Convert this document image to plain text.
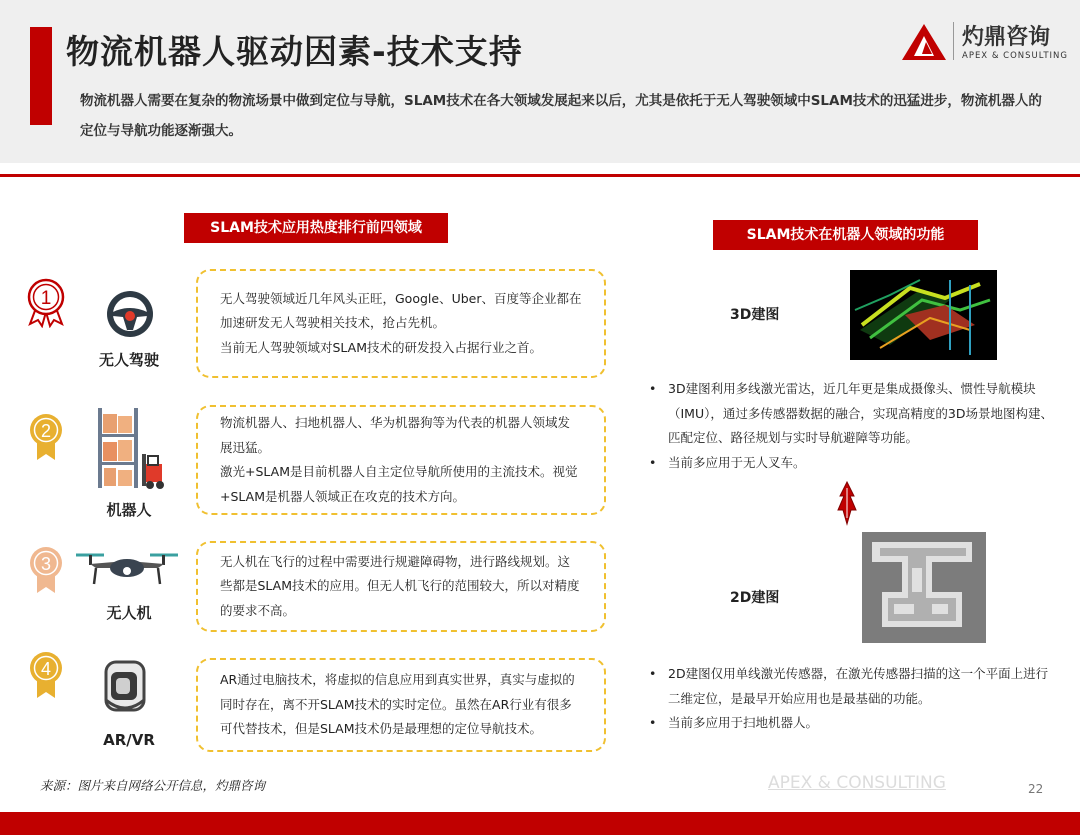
物流机器人驱动因素-技术支持
物流机器人需要在复杂的物流场景中做到定位与导航，SLAM技术在各大领域发展起来以后，尤其是依托于无人驾驶领域中SLAM技术的迅猛进步，物流机器人的定位与导航功能逐渐强大。
灼鼎咨询
APEX & CONSULTING
SLAM技术应用热度排行前四领域
1
无人驾驶

无人驾驶领域近几年风头正旺，Google、Uber、百度等企业都在加速研发无人驾驶相关技术，抢占先机。

当前无人驾驶领域对SLAM技术的研发投入占据行业之首。

2
机器人

物流机器人、扫地机器人、华为机器狗等为代表的机器人领域发展迅猛。

激光+SLAM是目前机器人自主定位导航所使用的主流技术。视觉+SLAM是机器人领域正在攻克的技术方向。

3
无人机

无人机在飞行的过程中需要进行规避障碍物，进行路线规划。这些都是SLAM技术的应用。但无人机飞行的范围较大，所以对精度的要求不高。

4
AR/VR

AR通过电脑技术，将虚拟的信息应用到真实世界，真实与虚拟的同时存在，离不开SLAM技术的实时定位。虽然在AR行业有很多可代替技术，但是SLAM技术仍是最理想的定位导航技术。

SLAM技术在机器人领域的功能
3D建图
• 3D建图利用多线激光雷达，近几年更是集成摄像头、惯性导航模块（IMU），通过多传感器数据的融合，实现高精度的3D场景地图构建、匹配定位、路径规划与实时导航避障等功能。
• 当前多应用于无人叉车。
2D建图
• 2D建图仅用单线激光传感器，在激光传感器扫描的这一个平面上进行二维定位，是最早开始应用也是最基础的功能。
• 当前多应用于扫地机器人。
来源：图片来自网络公开信息，灼鼎咨询	APEX & CONSULTING	22
